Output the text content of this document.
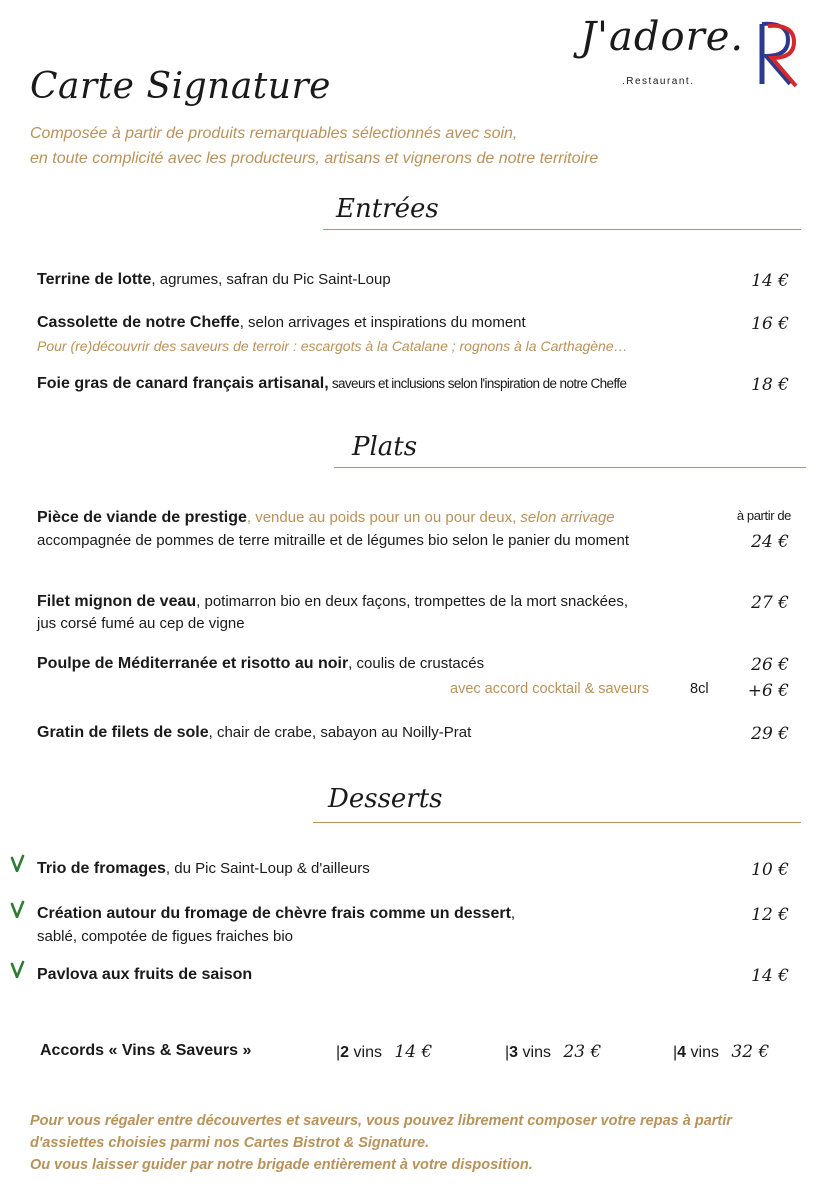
J'adore.
.Restaurant.
Carte Signature
Composée à partir de produits remarquables sélectionnés avec soin,
en toute complicité avec les producteurs, artisans et vignerons de notre territoire
Entrées
Terrine de lotte, agrumes, safran du Pic Saint-Loup	14 €
Cassolette de notre Cheffe, selon arrivages et inspirations du moment	16 €
Pour (re)découvrir des saveurs de terroir : escargots à la Catalane ; rognons à la Carthagène…
Foie gras de canard français artisanal, saveurs et inclusions selon l'inspiration de notre Cheffe	18 €
Plats
Pièce de viande de prestige, vendue au poids pour un ou pour deux, selon arrivage	à partir de
accompagnée de pommes de terre mitraille et de légumes bio selon le panier du moment	24 €
Filet mignon de veau, potimarron bio en deux façons, trompettes de la mort snackées,	27 €
jus corsé fumé au cep de vigne
Poulpe de Méditerranée et risotto au noir, coulis de crustacés	26 €
avec accord cocktail & saveurs	8cl +6 €
Gratin de filets de sole, chair de crabe, sabayon au Noilly-Prat	29 €
Desserts
Trio de fromages, du Pic Saint-Loup & d'ailleurs	10 €
Création autour du fromage de chèvre frais comme un dessert,	12 €
sablé, compotée de figues fraiches bio
Pavlova aux fruits de saison	14 €
Accords « Vins & Saveurs »	|2 vins 14 €	|3 vins 23 €	|4 vins 32 €
Pour vous régaler entre découvertes et saveurs, vous pouvez librement composer votre repas à partir
d'assiettes choisies parmi nos Cartes Bistrot & Signature.
Ou vous laisser guider par notre brigade entièrement à votre disposition.
